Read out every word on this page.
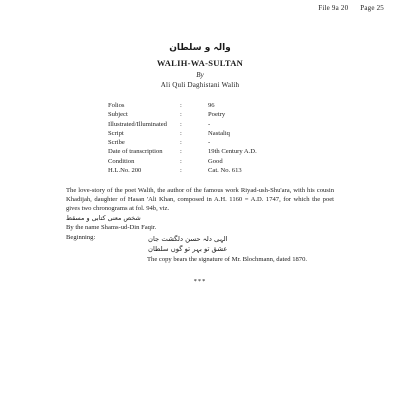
File 9a 20 Page 25
والہ و سلطان
WALIH-WA-SULTAN
By
Ali Quli Daghistani Walih
Folios	:	96
Subject	:	Poetry
Illustrated/Illuminated	:	-
Script	:	Nastaliq
Scribe	:	-
Date of transcription	:	19th Century A.D.
Condition	:	Good
H.L.No. 200	:	Cat. No. 613

The love-story of the poet Walih, the author of the famous work Riyad-ush-Shu'ara, with his cousin Khadijah, daughter of Hasan 'Ali Khan, composed in A.H. 1160 = A.D. 1747, for which the poet gives two chronograms at fol. 94b, viz.

شخص معنی کتابی و مسقط

By the name Shams-ud-Din Faqir.

Beginning:	الہی دلہ حسن دلگشت جان
عشق تو بہر تو گوں سلطان
The copy bears the signature of Mr. Blochmann, dated 1870.
***
